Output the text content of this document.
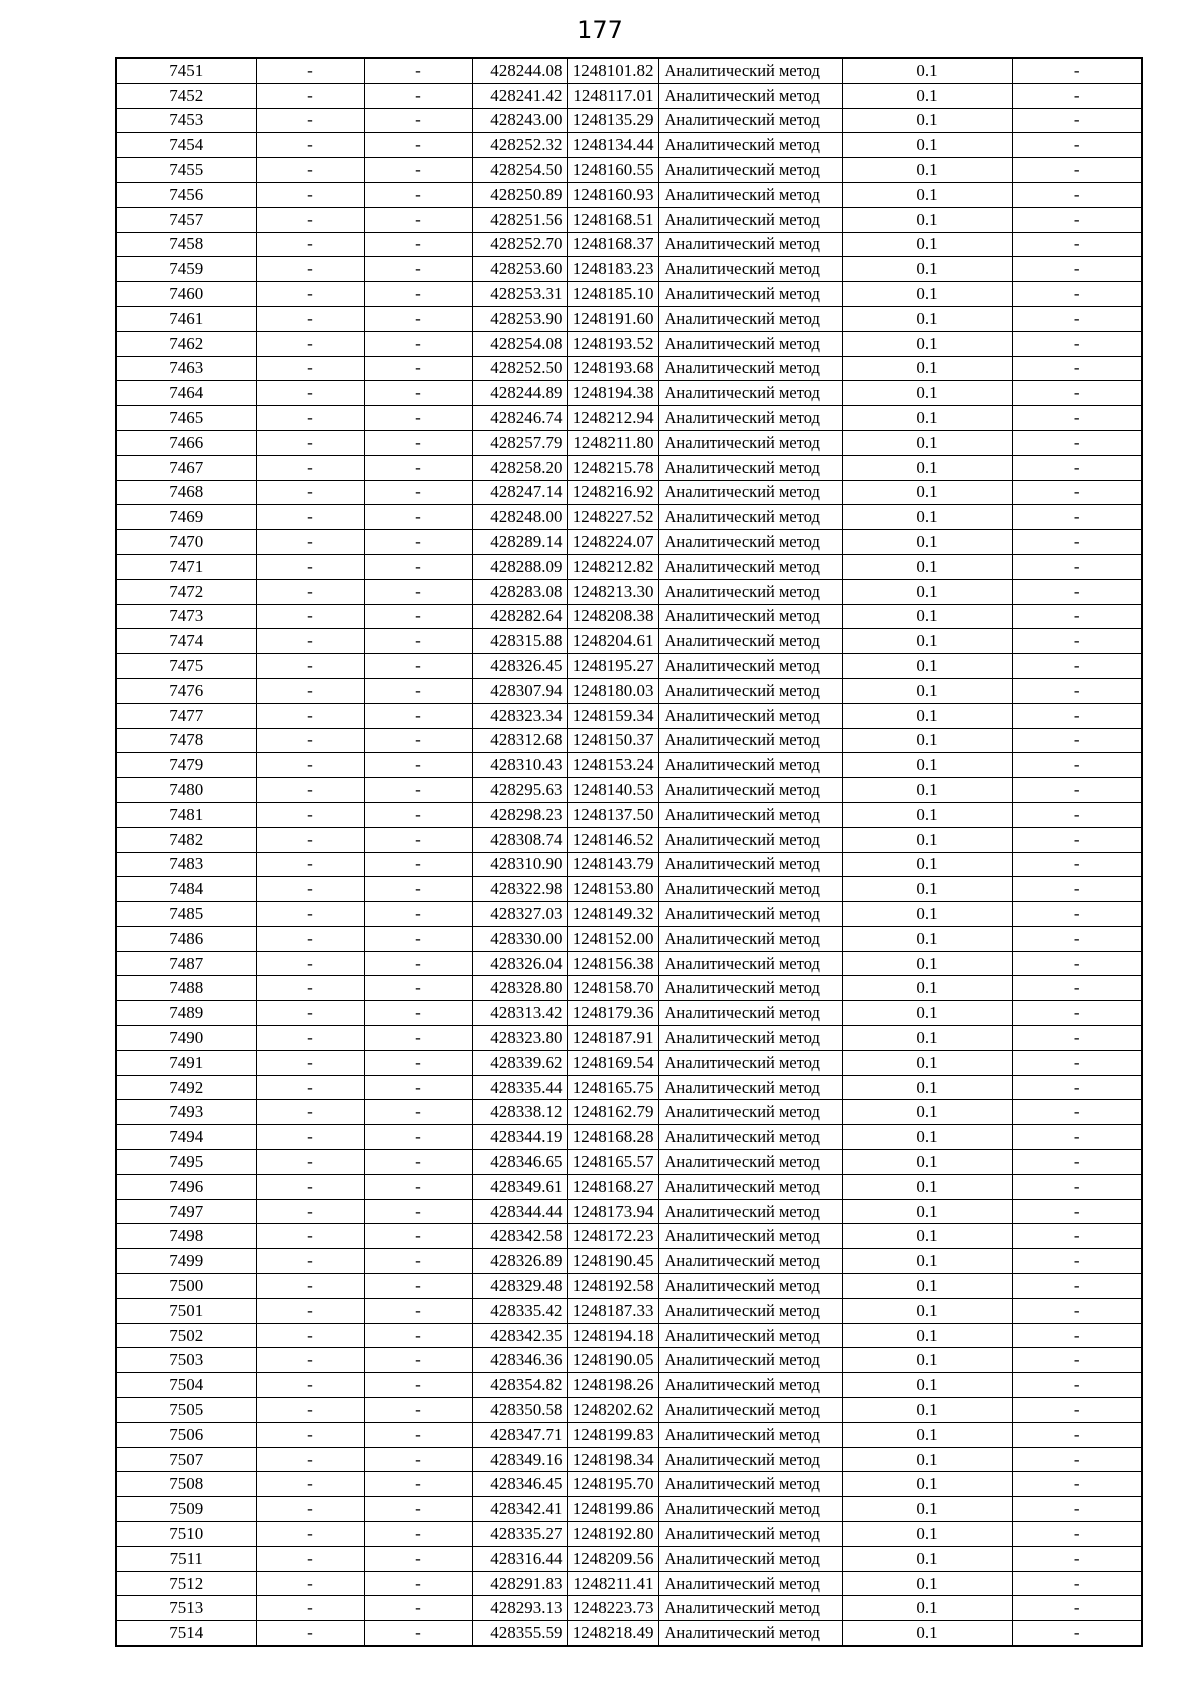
177
7451	-	-	428244.08	1248101.82	Аналитический метод	0.1	-
7452	-	-	428241.42	1248117.01	Аналитический метод	0.1	-
7453	-	-	428243.00	1248135.29	Аналитический метод	0.1	-
7454	-	-	428252.32	1248134.44	Аналитический метод	0.1	-
7455	-	-	428254.50	1248160.55	Аналитический метод	0.1	-
7456	-	-	428250.89	1248160.93	Аналитический метод	0.1	-
7457	-	-	428251.56	1248168.51	Аналитический метод	0.1	-
7458	-	-	428252.70	1248168.37	Аналитический метод	0.1	-
7459	-	-	428253.60	1248183.23	Аналитический метод	0.1	-
7460	-	-	428253.31	1248185.10	Аналитический метод	0.1	-
7461	-	-	428253.90	1248191.60	Аналитический метод	0.1	-
7462	-	-	428254.08	1248193.52	Аналитический метод	0.1	-
7463	-	-	428252.50	1248193.68	Аналитический метод	0.1	-
7464	-	-	428244.89	1248194.38	Аналитический метод	0.1	-
7465	-	-	428246.74	1248212.94	Аналитический метод	0.1	-
7466	-	-	428257.79	1248211.80	Аналитический метод	0.1	-
7467	-	-	428258.20	1248215.78	Аналитический метод	0.1	-
7468	-	-	428247.14	1248216.92	Аналитический метод	0.1	-
7469	-	-	428248.00	1248227.52	Аналитический метод	0.1	-
7470	-	-	428289.14	1248224.07	Аналитический метод	0.1	-
7471	-	-	428288.09	1248212.82	Аналитический метод	0.1	-
7472	-	-	428283.08	1248213.30	Аналитический метод	0.1	-
7473	-	-	428282.64	1248208.38	Аналитический метод	0.1	-
7474	-	-	428315.88	1248204.61	Аналитический метод	0.1	-
7475	-	-	428326.45	1248195.27	Аналитический метод	0.1	-
7476	-	-	428307.94	1248180.03	Аналитический метод	0.1	-
7477	-	-	428323.34	1248159.34	Аналитический метод	0.1	-
7478	-	-	428312.68	1248150.37	Аналитический метод	0.1	-
7479	-	-	428310.43	1248153.24	Аналитический метод	0.1	-
7480	-	-	428295.63	1248140.53	Аналитический метод	0.1	-
7481	-	-	428298.23	1248137.50	Аналитический метод	0.1	-
7482	-	-	428308.74	1248146.52	Аналитический метод	0.1	-
7483	-	-	428310.90	1248143.79	Аналитический метод	0.1	-
7484	-	-	428322.98	1248153.80	Аналитический метод	0.1	-
7485	-	-	428327.03	1248149.32	Аналитический метод	0.1	-
7486	-	-	428330.00	1248152.00	Аналитический метод	0.1	-
7487	-	-	428326.04	1248156.38	Аналитический метод	0.1	-
7488	-	-	428328.80	1248158.70	Аналитический метод	0.1	-
7489	-	-	428313.42	1248179.36	Аналитический метод	0.1	-
7490	-	-	428323.80	1248187.91	Аналитический метод	0.1	-
7491	-	-	428339.62	1248169.54	Аналитический метод	0.1	-
7492	-	-	428335.44	1248165.75	Аналитический метод	0.1	-
7493	-	-	428338.12	1248162.79	Аналитический метод	0.1	-
7494	-	-	428344.19	1248168.28	Аналитический метод	0.1	-
7495	-	-	428346.65	1248165.57	Аналитический метод	0.1	-
7496	-	-	428349.61	1248168.27	Аналитический метод	0.1	-
7497	-	-	428344.44	1248173.94	Аналитический метод	0.1	-
7498	-	-	428342.58	1248172.23	Аналитический метод	0.1	-
7499	-	-	428326.89	1248190.45	Аналитический метод	0.1	-
7500	-	-	428329.48	1248192.58	Аналитический метод	0.1	-
7501	-	-	428335.42	1248187.33	Аналитический метод	0.1	-
7502	-	-	428342.35	1248194.18	Аналитический метод	0.1	-
7503	-	-	428346.36	1248190.05	Аналитический метод	0.1	-
7504	-	-	428354.82	1248198.26	Аналитический метод	0.1	-
7505	-	-	428350.58	1248202.62	Аналитический метод	0.1	-
7506	-	-	428347.71	1248199.83	Аналитический метод	0.1	-
7507	-	-	428349.16	1248198.34	Аналитический метод	0.1	-
7508	-	-	428346.45	1248195.70	Аналитический метод	0.1	-
7509	-	-	428342.41	1248199.86	Аналитический метод	0.1	-
7510	-	-	428335.27	1248192.80	Аналитический метод	0.1	-
7511	-	-	428316.44	1248209.56	Аналитический метод	0.1	-
7512	-	-	428291.83	1248211.41	Аналитический метод	0.1	-
7513	-	-	428293.13	1248223.73	Аналитический метод	0.1	-
7514	-	-	428355.59	1248218.49	Аналитический метод	0.1	-
